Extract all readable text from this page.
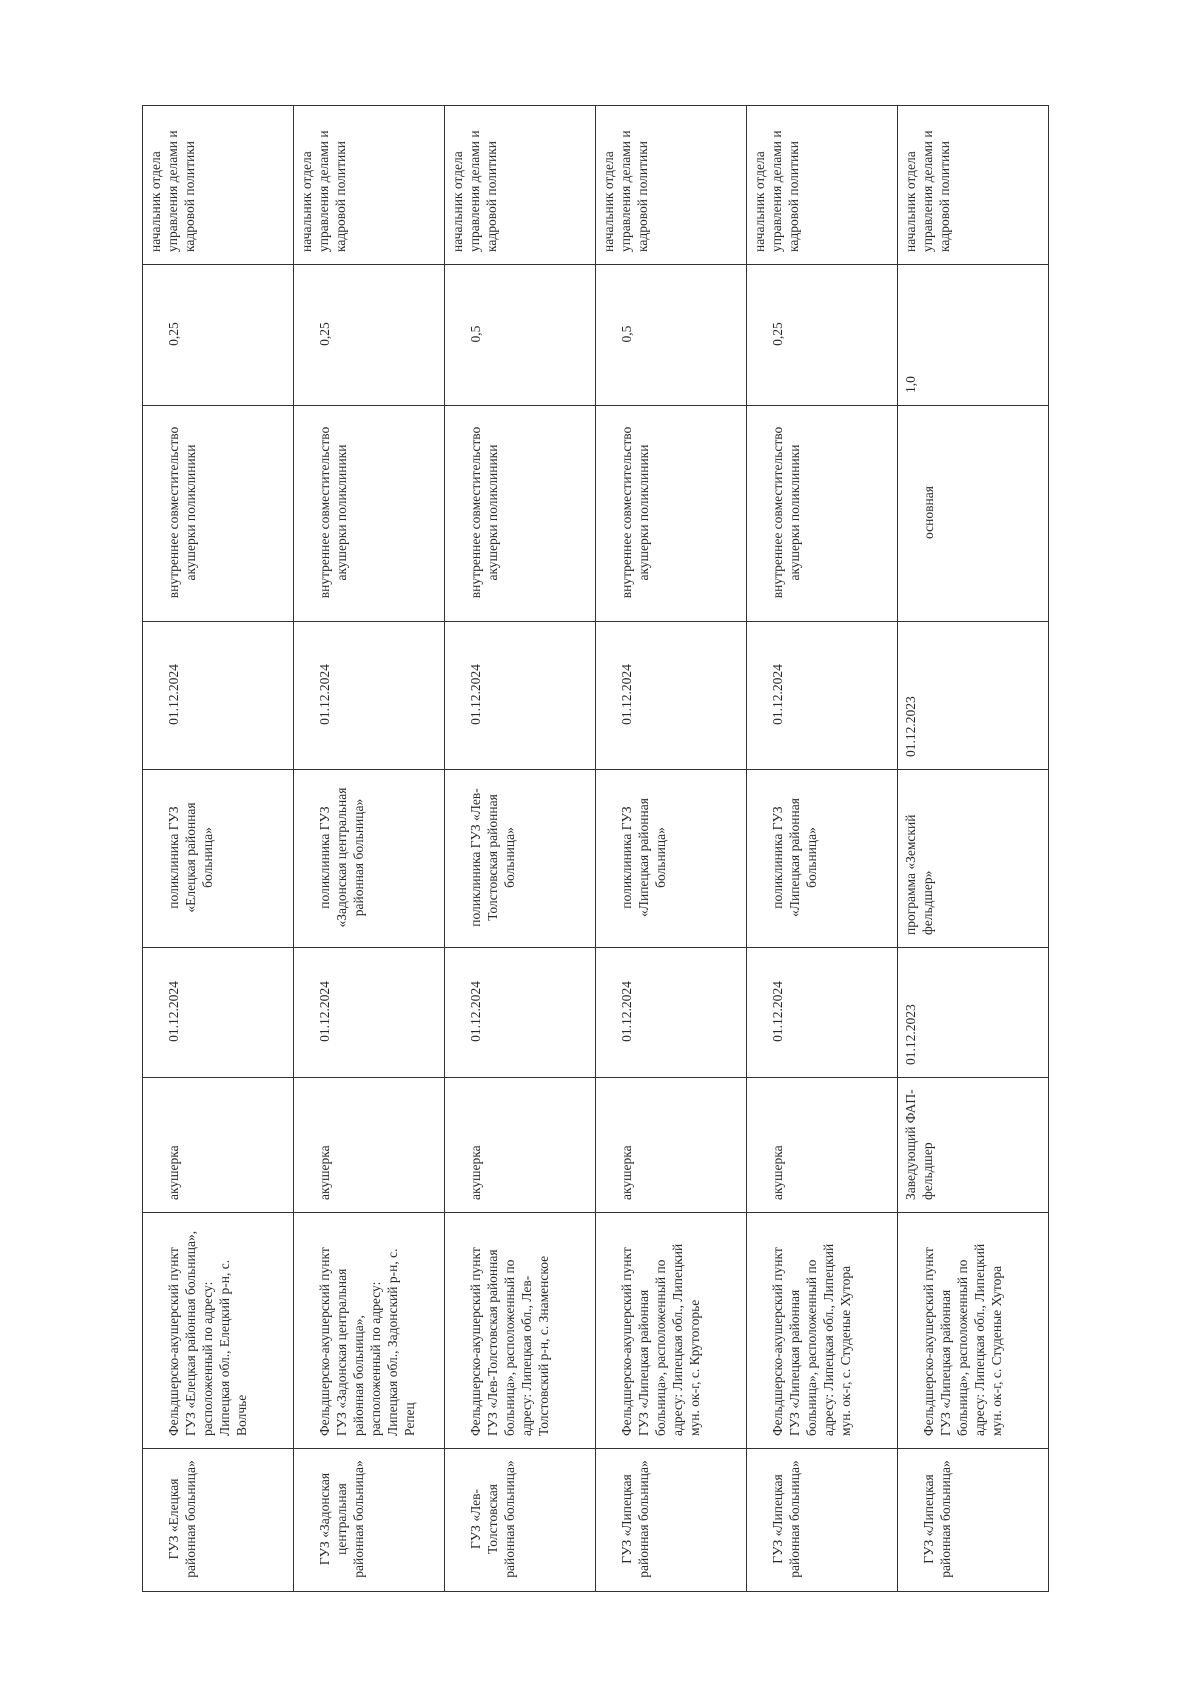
ГУЗ «Елецкая районная больница»	Фельдшерско-акушерский пункт ГУЗ «Елецкая районная больница», расположенный по адресу: Липецкая обл., Елецкий р-н, с. Волчье	акушерка	01.12.2024	поликлиника ГУЗ «Елецкая районная больница»	01.12.2024	внутреннее совместительство акушерки поликлиники	0,25	начальник отдела управления делами и кадровой политики
ГУЗ «Задонская центральная районная больница»	Фельдшерско-акушерский пункт ГУЗ «Задонская центральная районная больница», расположенный по адресу: Липецкая обл., Задонский р-н, с. Репец	акушерка	01.12.2024	поликлиника ГУЗ «Задонская центральная районная больница»	01.12.2024	внутреннее совместительство акушерки поликлиники	0,25	начальник отдела управления делами и кадровой политики
ГУЗ «Лев-Толстовская районная больница»	Фельдшерско-акушерский пункт ГУЗ «Лев-Толстовская районная больница», расположенный по адресу: Липецкая обл., Лев-Толстовский р-н, с. Знаменское	акушерка	01.12.2024	поликлиника ГУЗ «Лев-Толстовская районная больница»	01.12.2024	внутреннее совместительство акушерки поликлиники	0,5	начальник отдела управления делами и кадровой политики
ГУЗ «Липецкая районная больница»	Фельдшерско-акушерский пункт ГУЗ «Липецкая районная больница», расположенный по адресу: Липецкая обл., Липецкий мун. ок-г, с. Крутогорье	акушерка	01.12.2024	поликлиника ГУЗ «Липецкая районная больница»	01.12.2024	внутреннее совместительство акушерки поликлиники	0,5	начальник отдела управления делами и кадровой политики
ГУЗ «Липецкая районная больница»	Фельдшерско-акушерский пункт ГУЗ «Липецкая районная больница», расположенный по адресу: Липецкая обл., Липецкий мун. ок-г, с. Студеные Хутора	акушерка	01.12.2024	поликлиника ГУЗ «Липецкая районная больница»	01.12.2024	внутреннее совместительство акушерки поликлиники	0,25	начальник отдела управления делами и кадровой политики
ГУЗ «Липецкая районная больница»	Фельдшерско-акушерский пункт ГУЗ «Липецкая районная больница», расположенный по адресу: Липецкая обл., Липецкий мун. ок-г, с. Студеные Хутора	Заведующий ФАП-фельдшер	01.12.2023	программа «Земский фельдшер»	01.12.2023	основная	1,0	начальник отдела управления делами и кадровой политики
